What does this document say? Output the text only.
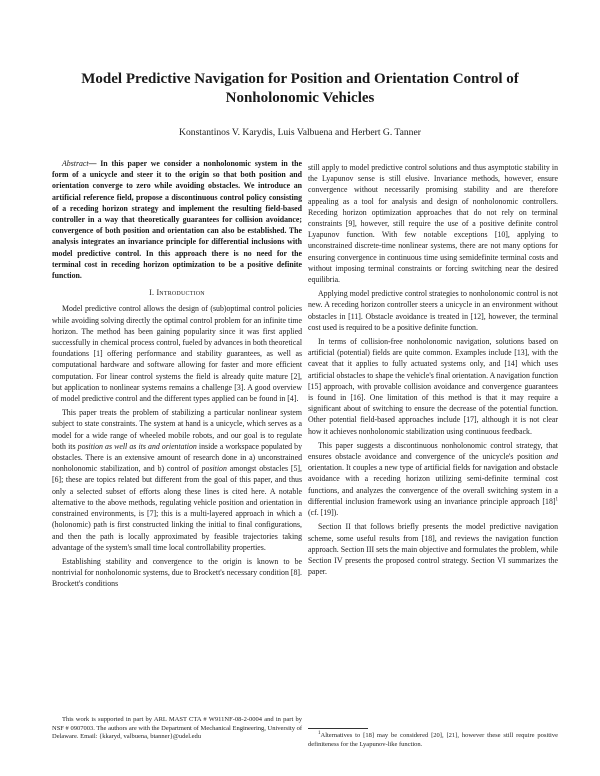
Model Predictive Navigation for Position and Orientation Control of Nonholonomic Vehicles
Konstantinos V. Karydis, Luis Valbuena and Herbert G. Tanner

Abstract— In this paper we consider a nonholonomic system in the form of a unicycle and steer it to the origin so that both position and orientation converge to zero while avoiding obstacles. We introduce an artificial reference field, propose a discontinuous control policy consisting of a receding horizon strategy and implement the resulting field-based controller in a way that theoretically guarantees for collision avoidance; convergence of both position and orientation can also be established. The analysis integrates an invariance principle for differential inclusions with model predictive control. In this approach there is no need for the terminal cost in receding horizon optimization to be a positive definite function.

I. Introduction

Model predictive control allows the design of (sub)optimal control policies while avoiding solving directly the optimal control problem for an infinite time horizon. The method has been gaining popularity since it was first applied successfully in chemical process control, fueled by advances in both theoretical foundations [1] offering performance and stability guarantees, as well as computational hardware and software allowing for faster and more efficient computation. For linear control systems the field is already quite mature [2], but application to nonlinear systems remains a challenge [3]. A good overview of model predictive control and the different types applied can be found in [4].

This paper treats the problem of stabilizing a particular nonlinear system subject to state constraints. The system at hand is a unicycle, which serves as a model for a wide range of wheeled mobile robots, and our goal is to regulate both its position as well as its and orientation inside a workspace populated by obstacles. There is an extensive amount of research done in a) unconstrained nonholonomic stabilization, and b) control of position amongst obstacles [5], [6]; these are topics related but different from the goal of this paper, and thus only a selected subset of efforts along these lines is cited here. A notable alternative to the above methods, regulating vehicle position and orientation in constrained environments, is [7]; this is a multi-layered approach in which a (holonomic) path is first constructed linking the initial to final configurations, and then the path is locally approximated by feasible trajectories taking advantage of the system's small time local controllability properties.

Establishing stability and convergence to the origin is known to be nontrivial for nonholonomic systems, due to Brockett's necessary condition [8]. Brockett's conditions

This work is supported in part by ARL MAST CTA # W911NF-08-2-0004 and in part by NSF # 0907003. The authors are with the Department of Mechanical Engineering, University of Delaware. Email: {kkaryd, valbuena, btanner}@udel.edu

still apply to model predictive control solutions and thus asymptotic stability in the Lyapunov sense is still elusive. Invariance methods, however, ensure convergence without necessarily promising stability and are therefore appealing as a tool for analysis and design of nonholonomic controllers. Receding horizon optimization approaches that do not rely on terminal constraints [9], however, still require the use of a positive definite control Lyapunov function. With few notable exceptions [10], applying to unconstrained discrete-time nonlinear systems, there are not many options for ensuring convergence in continuous time using semidefinite terminal costs and without imposing terminal constraints or forcing switching near the desired equilibria.

Applying model predictive control strategies to nonholonomic control is not new. A receding horizon controller steers a unicycle in an environment without obstacles in [11]. Obstacle avoidance is treated in [12], however, the terminal cost used is required to be a positive definite function.

In terms of collision-free nonholonomic navigation, solutions based on artificial (potential) fields are quite common. Examples include [13], with the caveat that it applies to fully actuated systems only, and [14] which uses artificial obstacles to shape the vehicle's final orientation. A navigation function [15] approach, with provable collision avoidance and convergence guarantees is found in [16]. One limitation of this method is that it may require a significant about of switching to ensure the decrease of the potential function. Other potential field-based approaches include [17], although it is not clear how it achieves nonholonomic stabilization using continuous feedback.

This paper suggests a discontinuous nonholonomic control strategy, that ensures obstacle avoidance and convergence of the unicycle's position and orientation. It couples a new type of artificial fields for navigation and obstacle avoidance with a receding horizon utilizing semi-definite terminal cost functions, and analyzes the convergence of the overall switching system in a differential inclusion framework using an invariance principle approach $[18]^1$ (cf. [19]).

Section II that follows briefly presents the model predictive navigation scheme, some useful results from [18], and reviews the navigation function approach. Section III sets the main objective and formulates the problem, while Section IV presents the proposed control strategy. Section VI summarizes the paper.

$^1$Alternatives to [18] may be considered [20], [21], however these still require positive definiteness for the Lyapunov-like function.
